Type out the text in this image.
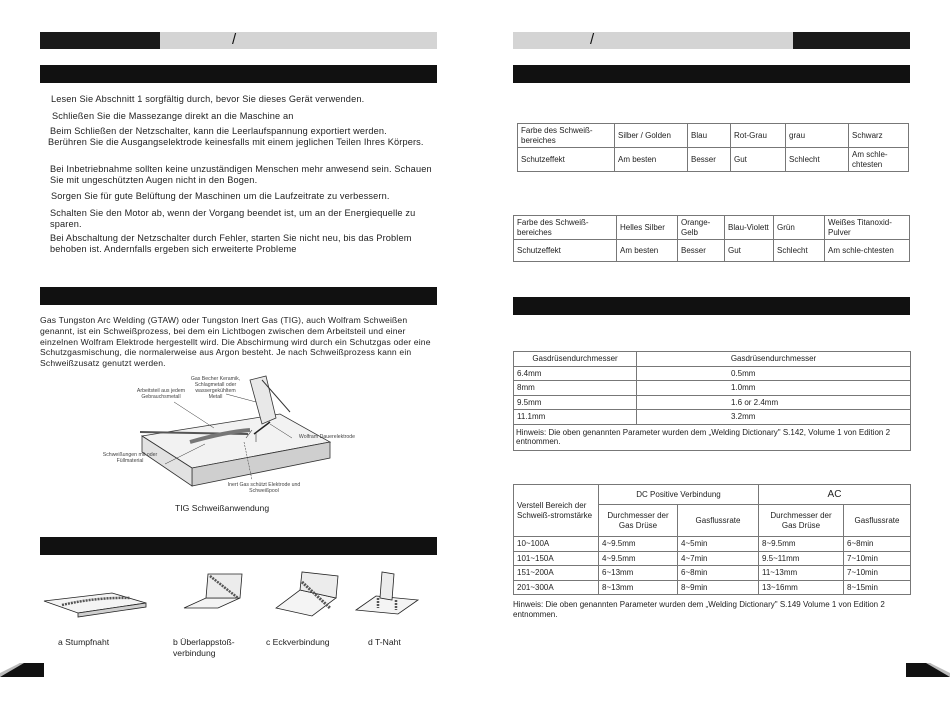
/
Lesen Sie Abschnitt 1 sorgfältig durch, bevor Sie dieses Gerät verwenden.
Schließen Sie die Massezange direkt an die Maschine an
Beim Schließen der Netzschalter, kann die Leerlaufspannung exportiert werden.
Berühren Sie die Ausgangselektrode keinesfalls mit einem jeglichen Teilen Ihres Körpers.
Bei Inbetriebnahme sollten keine unzuständigen Menschen mehr anwesend sein. Schauen Sie mit ungeschützten Augen nicht in den Bogen.
Sorgen Sie für gute Belüftung der Maschinen um die Laufzeitrate zu verbessern.
Schalten Sie den Motor ab, wenn der Vorgang beendet ist, um an der Energiequelle zu sparen.
Bei Abschaltung der Netzschalter durch Fehler, starten Sie nicht neu, bis das Problem behoben ist. Andernfalls ergeben sich erweiterte Probleme
Gas Tungston Arc Welding (GTAW) oder Tungston Inert Gas (TIG), auch Wolfram Schweißen genannt, ist ein Schweißprozess, bei dem ein Lichtbogen zwischen dem Arbeitsteil und einer einzelnen Wolfram Elektrode hergestellt wird. Die Abschirmung wird durch ein Schutzgas oder eine Schutzgasmischung, die normalerweise aus Argon besteht. Je nach Schweißprozess kann ein Schweißzusatz genutzt werden.
Arbeitsteil aus jedem Gebrauchsmetall
Gas Becher Keramik, Schlagmetall oder wassergekühltem Metall
Wolfram Dauerelektrode
Schweißungen mit oder Füllmaterial
Inert Gas schützt Elektrode und Schweißpool
TIG Schweißanwendung
a Stumpfnaht	b Überlappstoß-verbindung
c Eckverbindung	d T-Naht
/
Farbe des Schweiß-bereiches	Silber / Golden	Blau	Rot-Grau	grau	Schwarz
Schutzeffekt	Am besten	Besser	Gut	Schlecht	Am schle-chtesten
Farbe des Schweiß-bereiches	Helles Silber	Orange-Gelb	Blau-Violett	Grün	Weißes Titanoxid-Pulver
Schutzeffekt	Am besten	Besser	Gut	Schlecht	Am schle-chtesten
Gasdrüsendurchmesser	Gasdrüsendurchmesser
6.4mm	0.5mm
8mm	1.0mm
9.5mm	1.6 or 2.4mm
11.1mm	3.2mm
Hinweis: Die oben genannten Parameter wurden dem „Welding Dictionary" S.142, Volume 1 von Edition 2 entnommen.	
Verstell Bereich der Schweiß-stromstärke	DC Positive Verbindung		AC	
	Durchmesser der Gas Drüse	Gasflussrate	Durchmesser der Gas Drüse	Gasflussrate
10~100A	4~9.5mm	4~5min	8~9.5mm	6~8min
101~150A	4~9.5mm	4~7min	9.5~11mm	7~10min
151~200A	6~13mm	6~8min	11~13mm	7~10min
201~300A	8~13mm	8~9min	13~16mm	8~15min
Hinweis: Die oben genannten Parameter wurden dem „Welding Dictionary" S.149 Volume 1 von Edition 2 entnommen.
